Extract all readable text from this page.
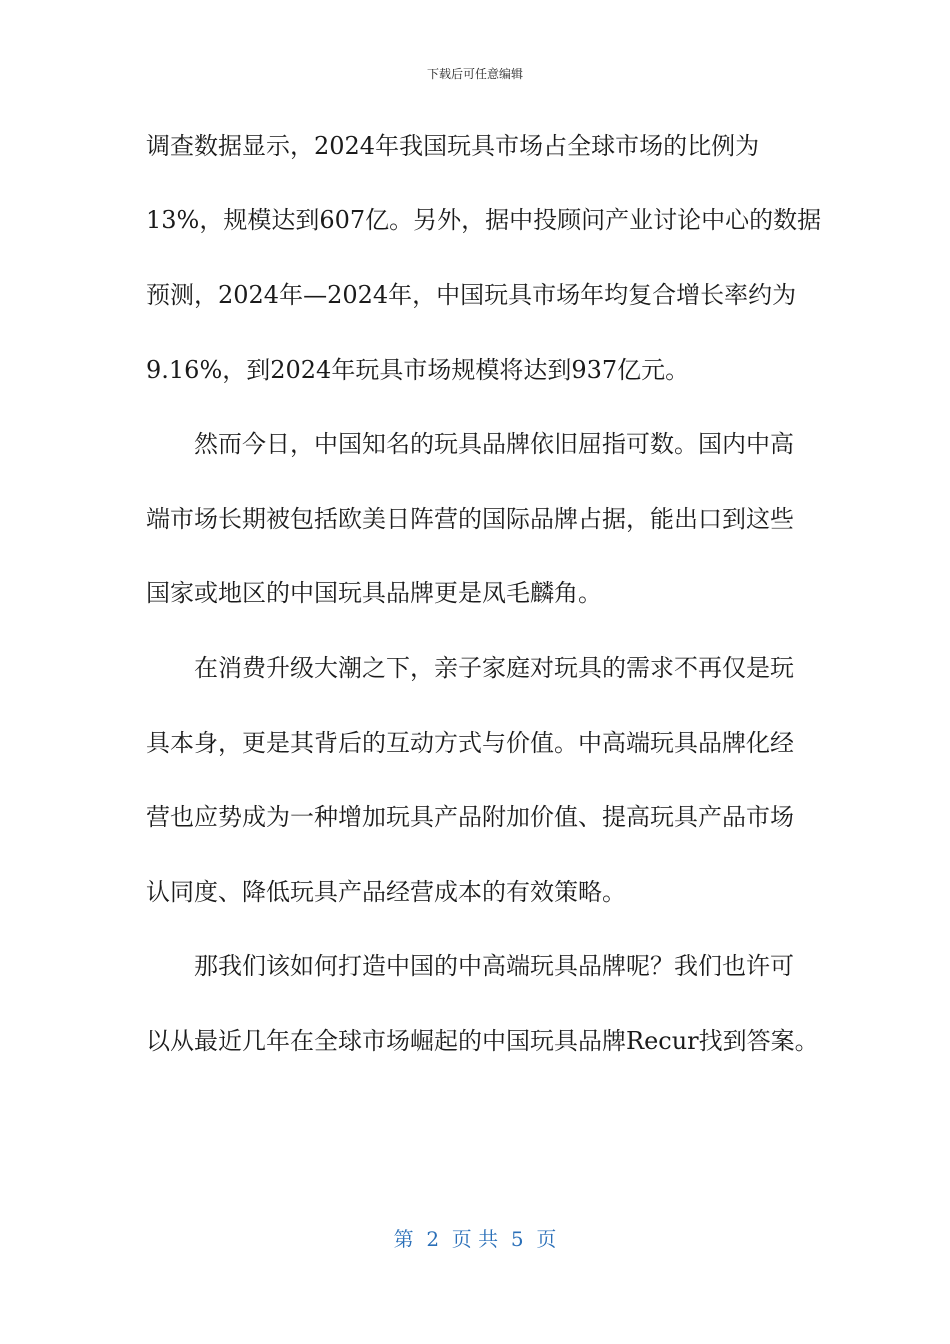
下载后可任意编辑
调查数据显示，2024年我国玩具市场占全球市场的比例为
13%，规模达到607亿。另外，据中投顾问产业讨论中心的数据
预测，2024年—2024年，中国玩具市场年均复合增长率约为
9.16%，到2024年玩具市场规模将达到937亿元。
然而今日，中国知名的玩具品牌依旧屈指可数。国内中高
端市场长期被包括欧美日阵营的国际品牌占据，能出口到这些
国家或地区的中国玩具品牌更是凤毛麟角。
在消费升级大潮之下，亲子家庭对玩具的需求不再仅是玩
具本身，更是其背后的互动方式与价值。中高端玩具品牌化经
营也应势成为一种增加玩具产品附加价值、提高玩具产品市场
认同度、降低玩具产品经营成本的有效策略。
那我们该如何打造中国的中高端玩具品牌呢？我们也许可
以从最近几年在全球市场崛起的中国玩具品牌Recur找到答案。
第  2  页 共  5  页
